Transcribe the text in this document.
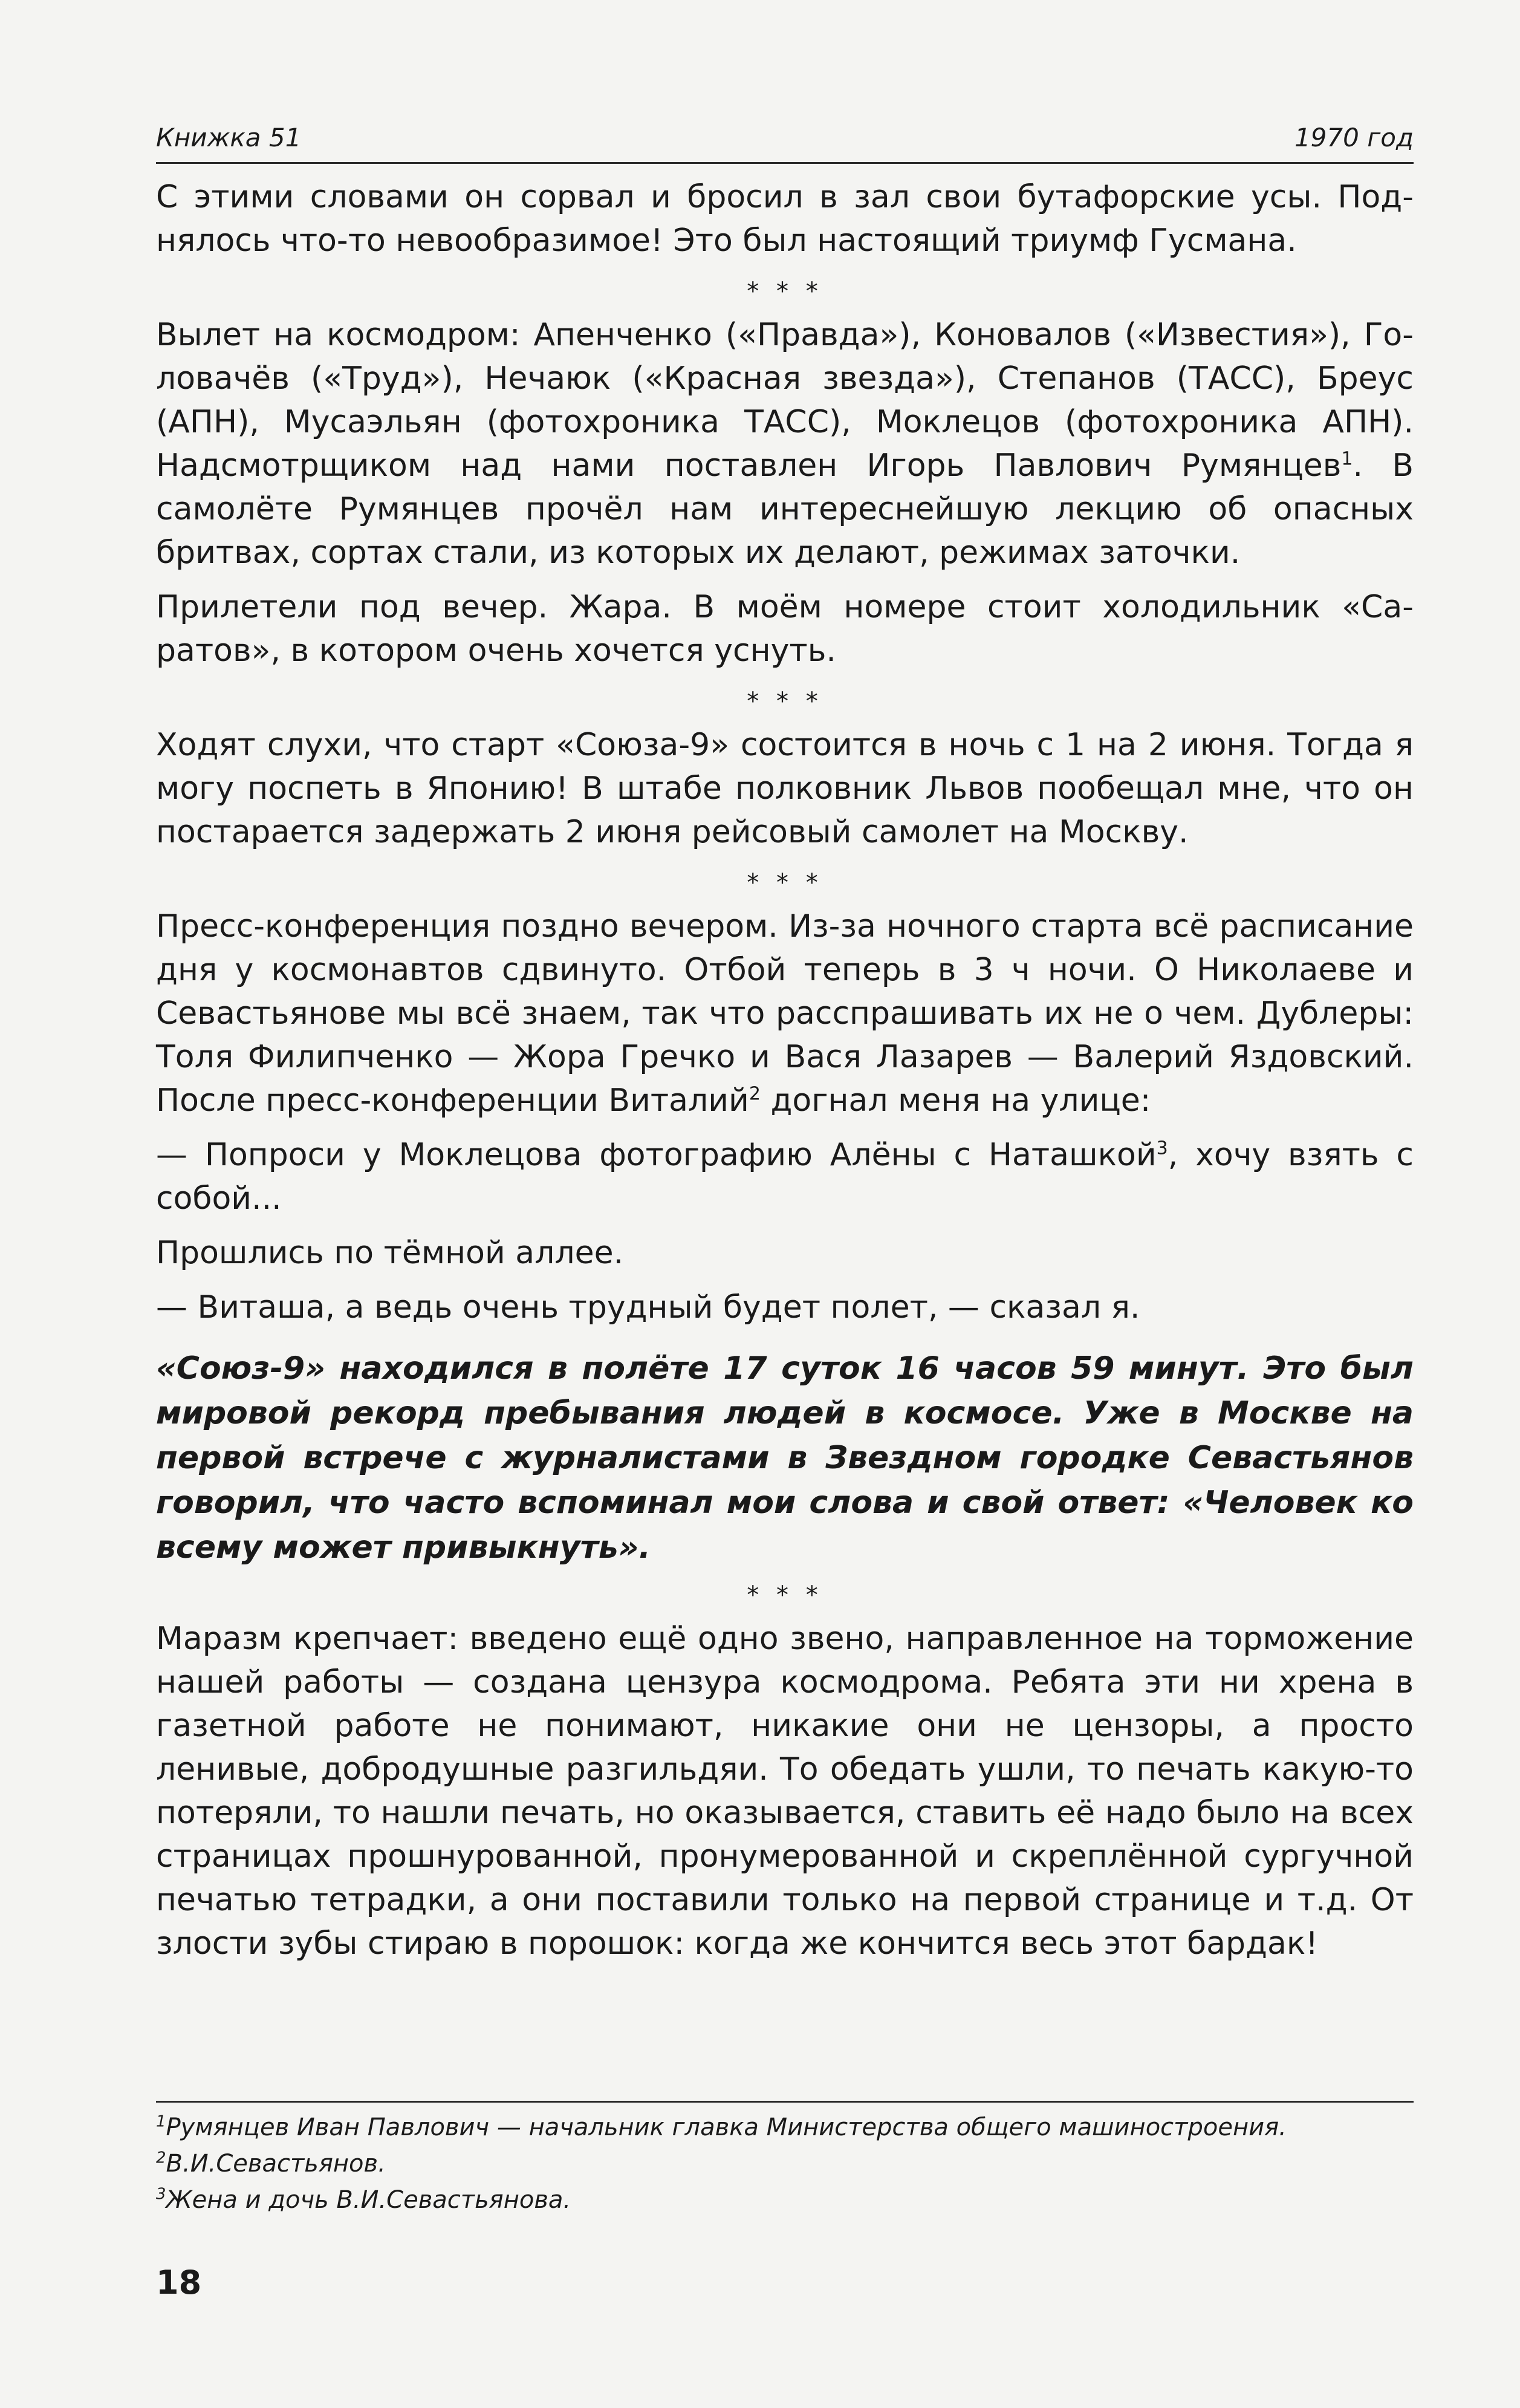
Книжка 51	1970 год

С этими словами он сорвал и бросил в зал свои бутафорские усы. Поднялось что-то невообразимое! Это был настоящий триумф Гусмана.

* * *

Вылет на космодром: Апенченко («Правда»), Коновалов («Известия»), Головачёв («Труд»), Нечаюк («Красная звезда»), Степанов (ТАСС), Бреус (АПН), Мусаэльян (фотохроника ТАСС), Моклецов (фотохроника АПН). Надсмотрщиком над нами поставлен Игорь Павлович Румянцев$^1$. В самолёте Румянцев прочёл нам интереснейшую лекцию об опасных бритвах, сортах стали, из которых их делают, режимах заточки.

Прилетели под вечер. Жара. В моём номере стоит холодильник «Саратов», в котором очень хочется уснуть.

* * *

Ходят слухи, что старт «Союза-9» состоится в ночь с 1 на 2 июня. Тогда я могу поспеть в Японию! В штабе полковник Львов пообещал мне, что он постарается задержать 2 июня рейсовый самолет на Москву.

* * *

Пресс-конференция поздно вечером. Из-за ночного старта всё расписание дня у космонавтов сдвинуто. Отбой теперь в 3 ч ночи. О Николаеве и Севастьянове мы всё знаем, так что расспрашивать их не о чем. Дублеры: Толя Филипченко — Жора Гречко и Вася Лазарев — Валерий Яздовский. После пресс-конференции Виталий$^2$ догнал меня на улице:

— Попроси у Моклецова фотографию Алёны с Наташкой$^3$, хочу взять с собой...

Прошлись по тёмной аллее.

— Виташа, а ведь очень трудный будет полет, — сказал я.

«Союз-9» находился в полёте 17 суток 16 часов 59 минут. Это был мировой рекорд пребывания людей в космосе. Уже в Москве на первой встрече с журналистами в Звездном городке Севастьянов говорил, что часто вспоминал мои слова и свой ответ: «Человек ко всему может привыкнуть».

* * *

Маразм крепчает: введено ещё одно звено, направленное на торможение нашей работы — создана цензура космодрома. Ребята эти ни хрена в газетной работе не понимают, никакие они не цензоры, а просто ленивые, добродушные разгильдяи. То обедать ушли, то печать какую-то потеряли, то нашли печать, но оказывается, ставить её надо было на всех страницах прошнурованной, пронумерованной и скреплённой сургучной печатью тетрадки, а они поставили только на первой странице и т.д. От злости зубы стираю в порошок: когда же кончится весь этот бардак!

$^1$Румянцев Иван Павлович — начальник главка Министерства общего машиностроения.

$^2$В.И.Севастьянов.

$^3$Жена и дочь В.И.Севастьянова.

18
